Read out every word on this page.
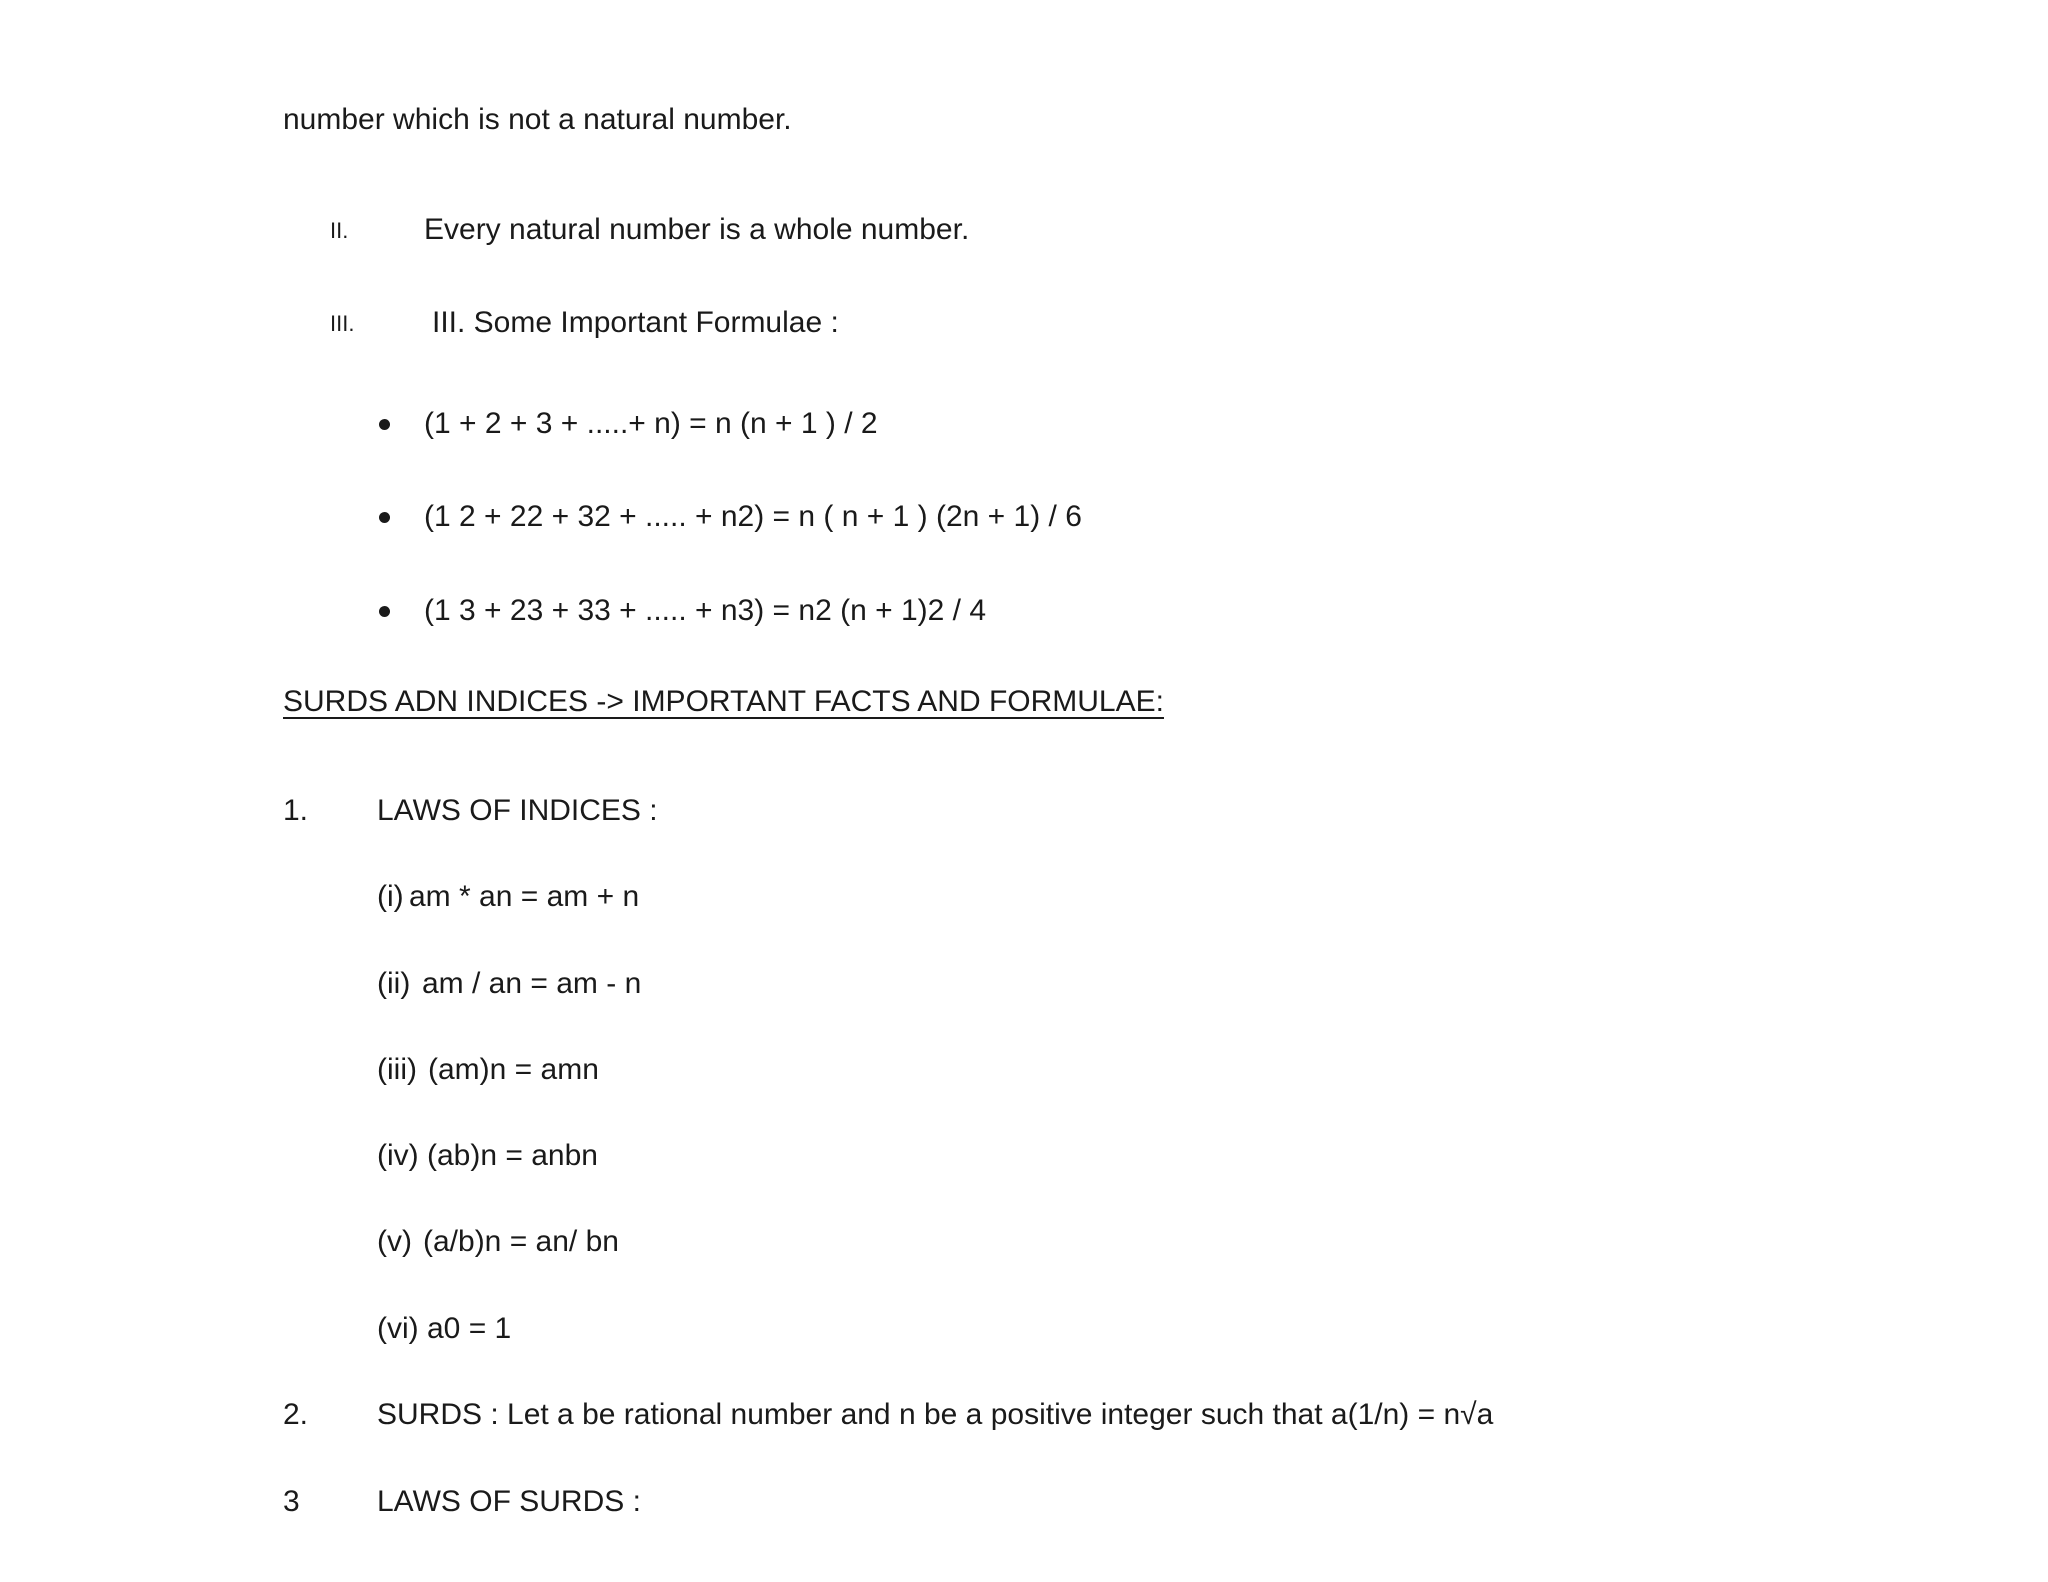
number which is not a natural number.
II.	Every natural number is a whole number.
III.	III. Some Important Formulae :
(1 + 2 + 3 + .....+ n) = n (n + 1 ) / 2
(1 2 + 22 + 32 + ..... + n2) = n ( n + 1 ) (2n + 1) / 6
(1 3 + 23 + 33 + ..... + n3) = n2 (n + 1)2 / 4
SURDS ADN INDICES -> IMPORTANT FACTS AND FORMULAE:
1. LAWS OF INDICES :
(i) am * an = am + n
(ii) am / an = am - n
(iii) (am)n = amn
(iv) (ab)n = anbn
(v) (a/b)n = an/ bn
(vi) a0 = 1
2. SURDS : Let a be rational number and n be a positive integer such that a(1/n) = n√a
3	LAWS OF SURDS :
